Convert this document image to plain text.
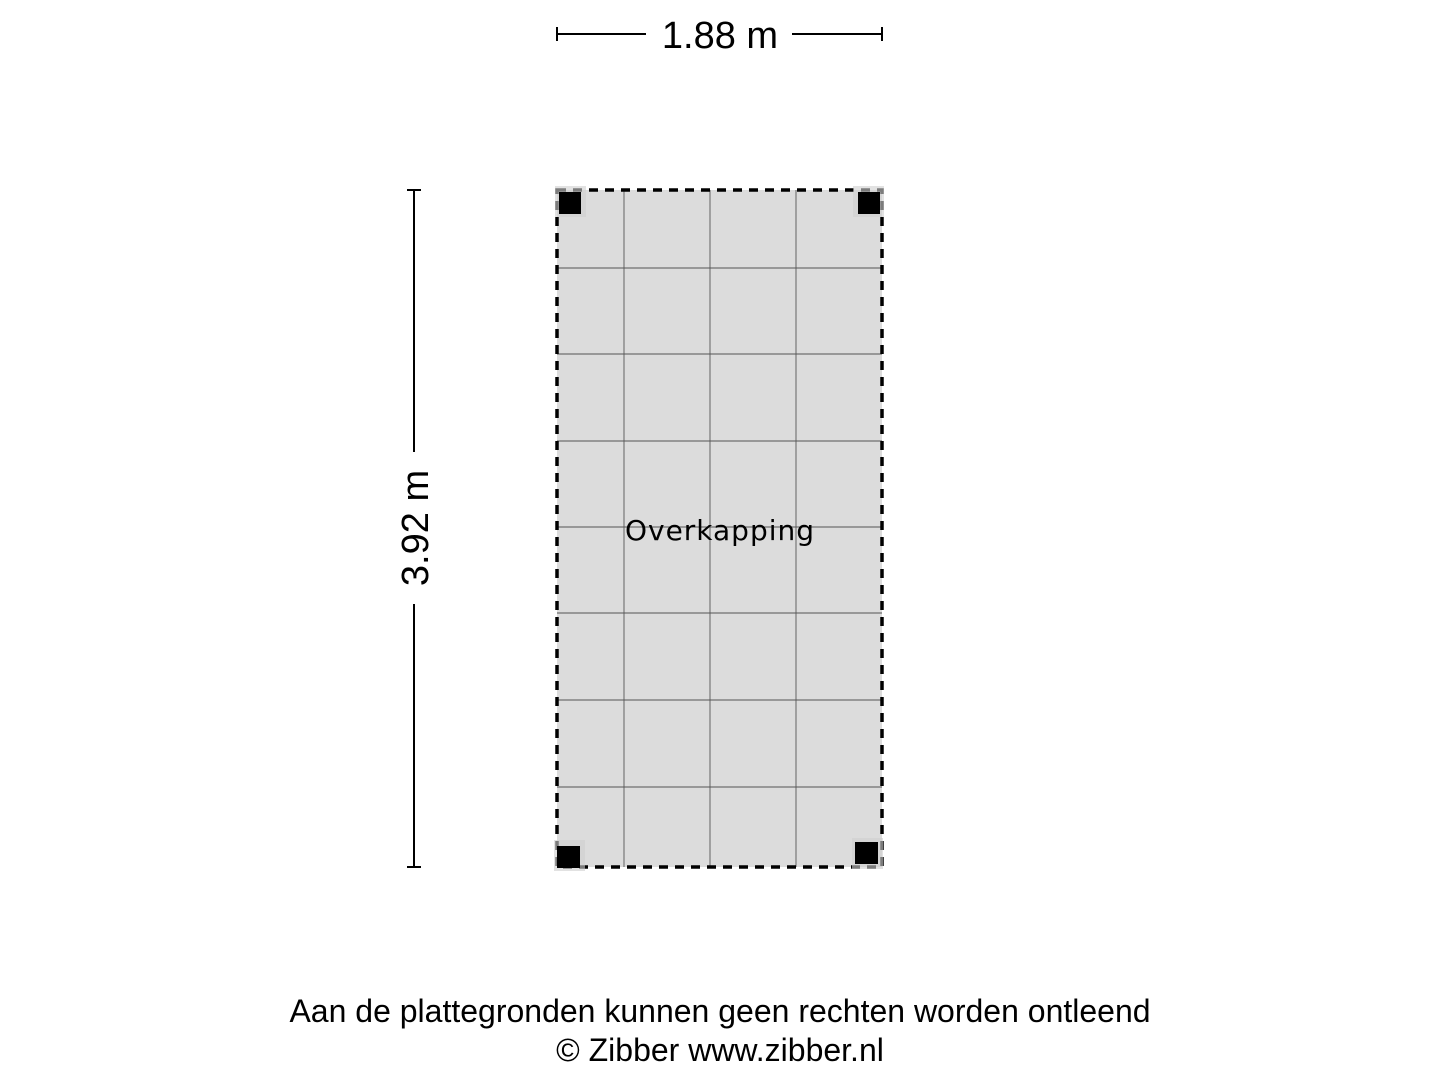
1.88 m
3.92 m	Overkapping
Aan de plattegronden kunnen geen rechten worden ontleend
© Zibber www.zibber.nl
